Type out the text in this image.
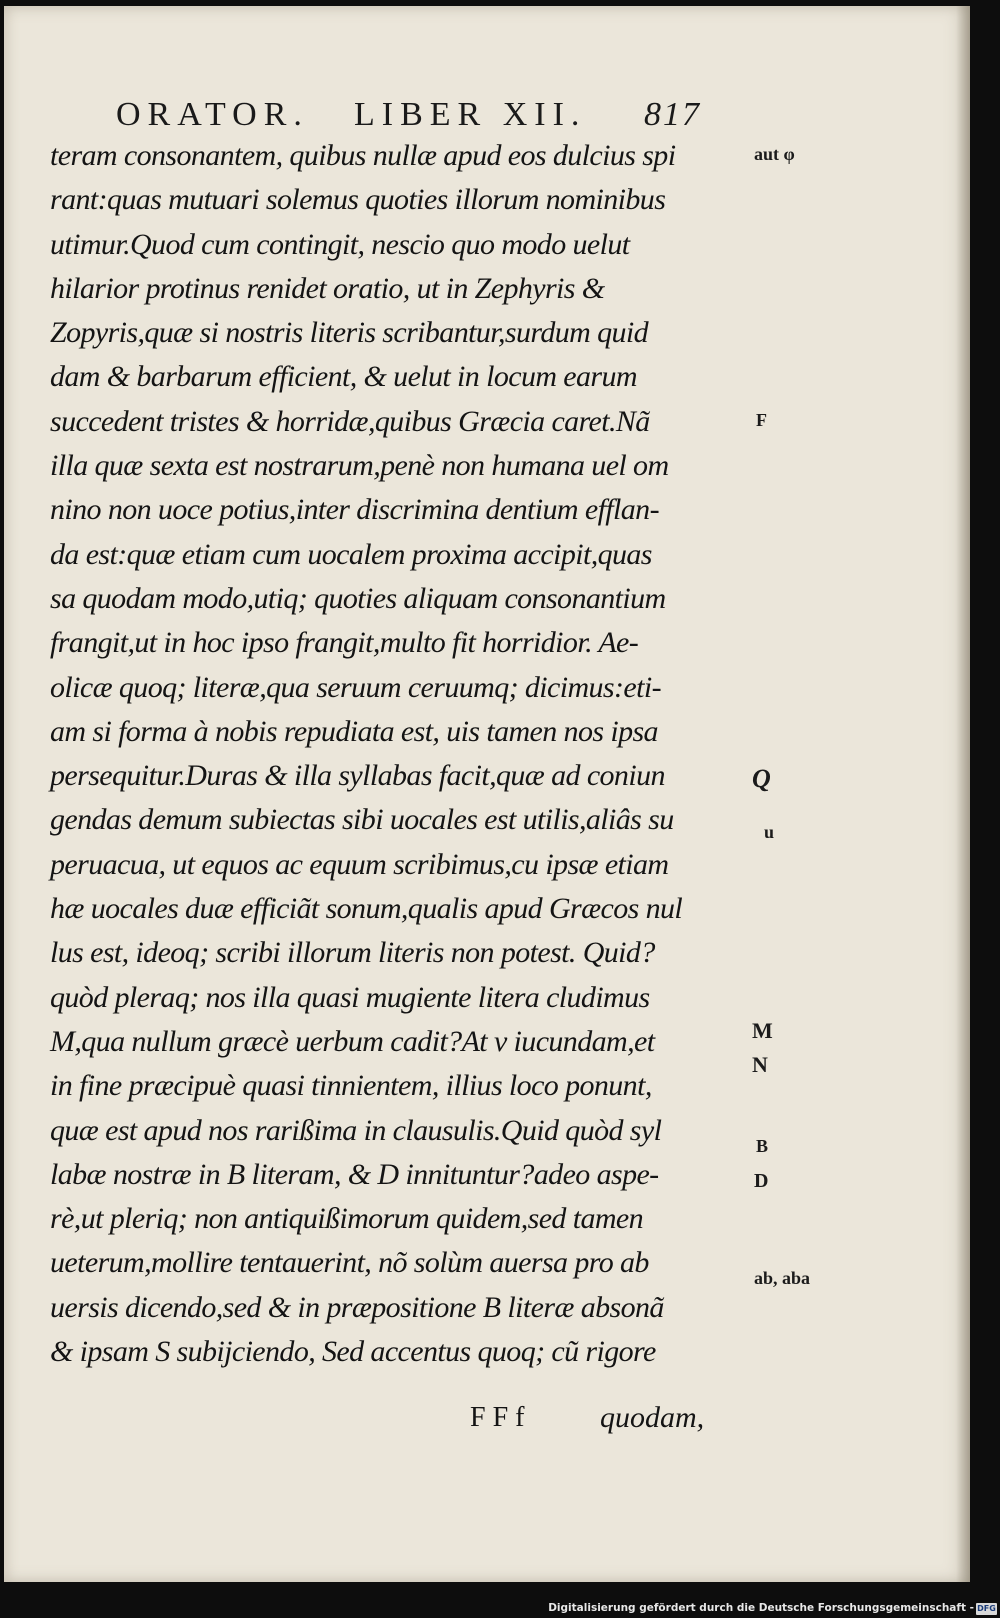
ORATOR. LIBER XII. 817
teram consonantem, quibus nullæ apud eos dulcius spi
rant:quas mutuari solemus quoties illorum nominibus
utimur.Quod cum contingit, nescio quo modo uelut
hilarior protinus renidet oratio, ut in Zephyris &
Zopyris,quæ si nostris literis scribantur,surdum quid
dam & barbarum efficient, & uelut in locum earum
succedent tristes & horridæ,quibus Græcia caret.Nã
illa quæ sexta est nostrarum,penè non humana uel om
nino non uoce potius,inter discrimina dentium efflan-
da est:quæ etiam cum uocalem proxima accipit,quas
sa quodam modo,utiq; quoties aliquam consonantium
frangit,ut in hoc ipso frangit,multo fit horridior. Ae-
olicæ quoq; literæ,qua seruum ceruumq; dicimus:eti-
am si forma à nobis repudiata est, uis tamen nos ipsa
persequitur.Duras & illa syllabas facit,quæ ad coniun
gendas demum subiectas sibi uocales est utilis,aliâs su
peruacua, ut equos ac equum scribimus,cu ipsæ etiam
hæ uocales duæ efficiãt sonum,qualis apud Græcos nul
lus est, ideoq; scribi illorum literis non potest. Quid?
quòd pleraq; nos illa quasi mugiente litera cludimus
M,qua nullum græcè uerbum cadit?At ν iucundam,et
in fine præcipuè quasi tinnientem, illius loco ponunt,
quæ est apud nos rarißima in clausulis.Quid quòd syl
labæ nostræ in B literam, & D innituntur?adeo aspe-
rè,ut pleriq; non antiquißimorum quidem,sed tamen
ueterum,mollire tentauerint, nõ solùm auersa pro ab
uersis dicendo,sed & in præpositione B literæ absonã
& ipsam S subijciendo, Sed accentus quoq; cũ rigore
aut φ
F
Q
u
M
N
B
D
ab, aba
F F f	quodam,
Digitalisierung gefördert durch die Deutsche Forschungsgemeinschaft - DFG
